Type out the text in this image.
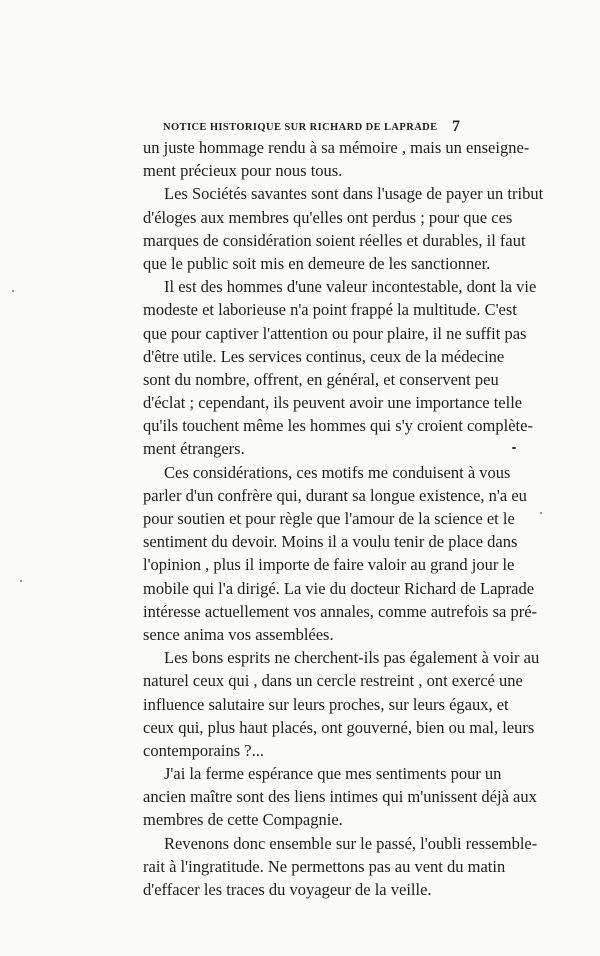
NOTICE HISTORIQUE SUR RICHARD DE LAPRADE 7
un juste hommage rendu à sa mémoire , mais un enseigne-
ment précieux pour nous tous.
Les Sociétés savantes sont dans l'usage de payer un tribut
d'éloges aux membres qu'elles ont perdus ; pour que ces
marques de considération soient réelles et durables, il faut
que le public soit mis en demeure de les sanctionner.
Il est des hommes d'une valeur incontestable, dont la vie
modeste et laborieuse n'a point frappé la multitude. C'est
que pour captiver l'attention ou pour plaire, il ne suffit pas
d'être utile. Les services continus, ceux de la médecine
sont du nombre, offrent, en général, et conservent peu
d'éclat ; cependant, ils peuvent avoir une importance telle
qu'ils touchent même les hommes qui s'y croient complète-
ment étrangers.
Ces considérations, ces motifs me conduisent à vous
parler d'un confrère qui, durant sa longue existence, n'a eu
pour soutien et pour règle que l'amour de la science et le
sentiment du devoir. Moins il a voulu tenir de place dans
l'opinion , plus il importe de faire valoir au grand jour le
mobile qui l'a dirigé. La vie du docteur Richard de Laprade
intéresse actuellement vos annales, comme autrefois sa pré-
sence anima vos assemblées.
Les bons esprits ne cherchent-ils pas également à voir au
naturel ceux qui , dans un cercle restreint , ont exercé une
influence salutaire sur leurs proches, sur leurs égaux, et
ceux qui, plus haut placés, ont gouverné, bien ou mal, leurs
contemporains ?...
J'ai la ferme espérance que mes sentiments pour un
ancien maître sont des liens intimes qui m'unissent déjà aux
membres de cette Compagnie.
Revenons donc ensemble sur le passé, l'oubli ressemble-
rait à l'ingratitude. Ne permettons pas au vent du matin
d'effacer les traces du voyageur de la veille.
